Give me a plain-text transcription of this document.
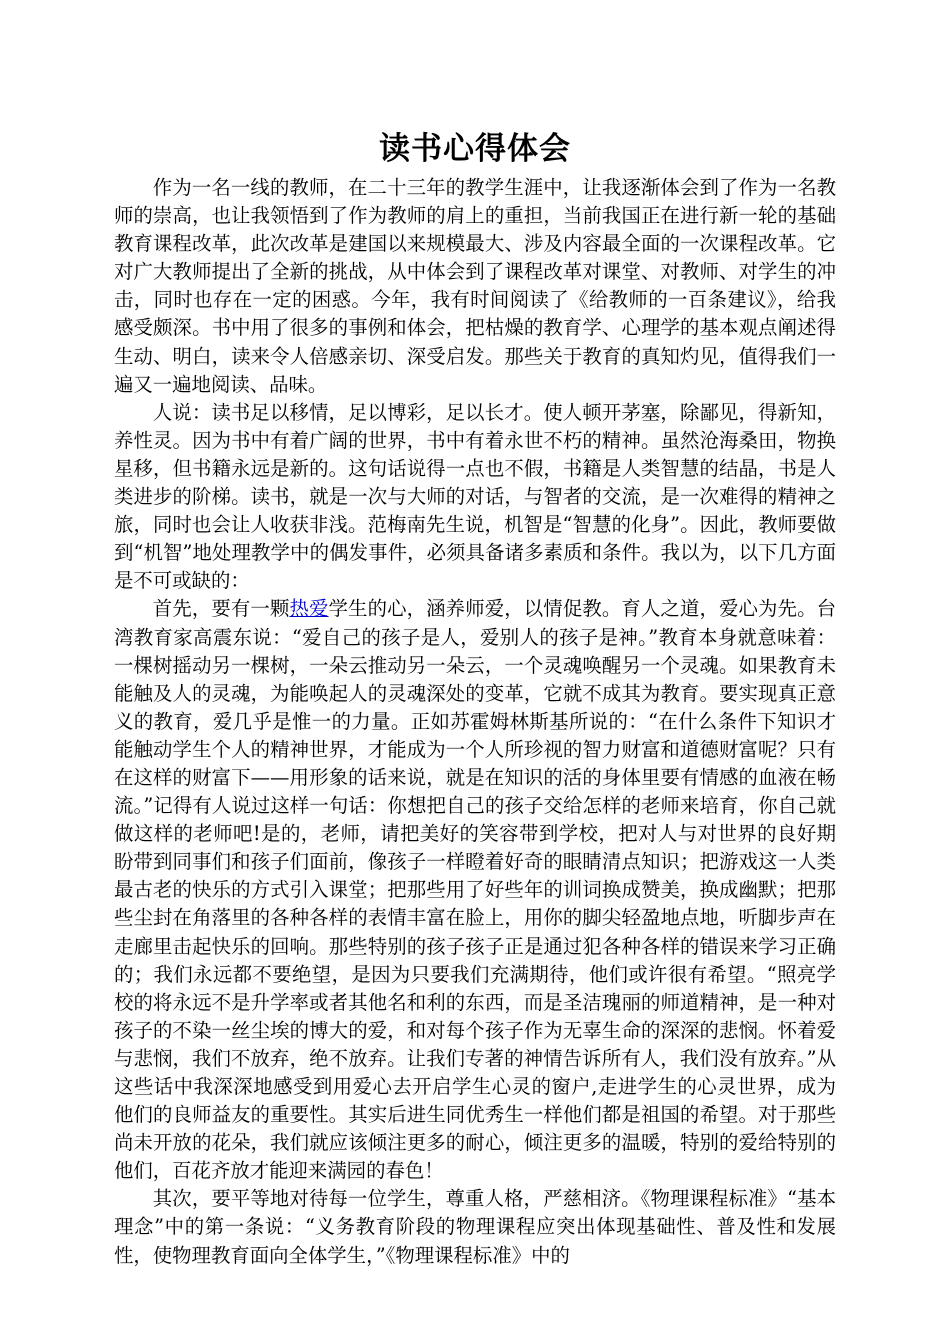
读书心得体会

作为一名一线的教师，在二十三年的教学生涯中，让我逐渐体会到了作为一名教师的崇高，也让我领悟到了作为教师的肩上的重担，当前我国正在进行新一轮的基础教育课程改革，此次改革是建国以来规模最大、涉及内容最全面的一次课程改革。它对广大教师提出了全新的挑战，从中体会到了课程改革对课堂、对教师、对学生的冲击，同时也存在一定的困惑。今年，我有时间阅读了《给教师的一百条建议》，给我感受颇深。书中用了很多的事例和体会，把枯燥的教育学、心理学的基本观点阐述得生动、明白，读来令人倍感亲切、深受启发。那些关于教育的真知灼见，值得我们一遍又一遍地阅读、品味。

人说：读书足以移情，足以博彩，足以长才。使人顿开茅塞，除鄙见，得新知，养性灵。因为书中有着广阔的世界，书中有着永世不朽的精神。虽然沧海桑田，物换星移，但书籍永远是新的。这句话说得一点也不假，书籍是人类智慧的结晶，书是人类进步的阶梯。读书，就是一次与大师的对话，与智者的交流，是一次难得的精神之旅，同时也会让人收获非浅。范梅南先生说，机智是“智慧的化身”。因此，教师要做到“机智”地处理教学中的偶发事件，必须具备诸多素质和条件。我以为，以下几方面是不可或缺的：

首先，要有一颗热爱学生的心，涵养师爱，以情促教。育人之道，爱心为先。台湾教育家高震东说：“爱自己的孩子是人，爱别人的孩子是神。”教育本身就意味着：一棵树摇动另一棵树，一朵云推动另一朵云，一个灵魂唤醒另一个灵魂。如果教育未能触及人的灵魂，为能唤起人的灵魂深处的变革，它就不成其为教育。要实现真正意义的教育，爱几乎是惟一的力量。正如苏霍姆林斯基所说的：“在什么条件下知识才能触动学生个人的精神世界，才能成为一个人所珍视的智力财富和道德财富呢？只有在这样的财富下——用形象的话来说，就是在知识的活的身体里要有情感的血液在畅流。”记得有人说过这样一句话：你想把自己的孩子交给怎样的老师来培育，你自己就做这样的老师吧!是的，老师，请把美好的笑容带到学校，把对人与对世界的良好期盼带到同事们和孩子们面前，像孩子一样瞪着好奇的眼睛清点知识；把游戏这一人类最古老的快乐的方式引入课堂；把那些用了好些年的训词换成赞美，换成幽默；把那些尘封在角落里的各种各样的表情丰富在脸上，用你的脚尖轻盈地点地，听脚步声在走廊里击起快乐的回响。那些特别的孩子孩子正是通过犯各种各样的错误来学习正确的；我们永远都不要绝望，是因为只要我们充满期待，他们或许很有希望。“照亮学校的将永远不是升学率或者其他名和利的东西，而是圣洁瑰丽的师道精神，是一种对孩子的不染一丝尘埃的博大的爱，和对每个孩子作为无辜生命的深深的悲悯。怀着爱与悲悯，我们不放弃，绝不放弃。让我们专著的神情告诉所有人，我们没有放弃。”从这些话中我深深地感受到用爱心去开启学生心灵的窗户,走进学生的心灵世界，成为他们的良师益友的重要性。其实后进生同优秀生一样他们都是祖国的希望。对于那些尚未开放的花朵，我们就应该倾注更多的耐心，倾注更多的温暖，特别的爱给特别的他们，百花齐放才能迎来满园的春色！

其次，要平等地对待每一位学生，尊重人格，严慈相济。《物理课程标准》“基本理念”中的第一条说：“义务教育阶段的物理课程应突出体现基础性、普及性和发展性，使物理教育面向全体学生，”《物理课程标准》中的
